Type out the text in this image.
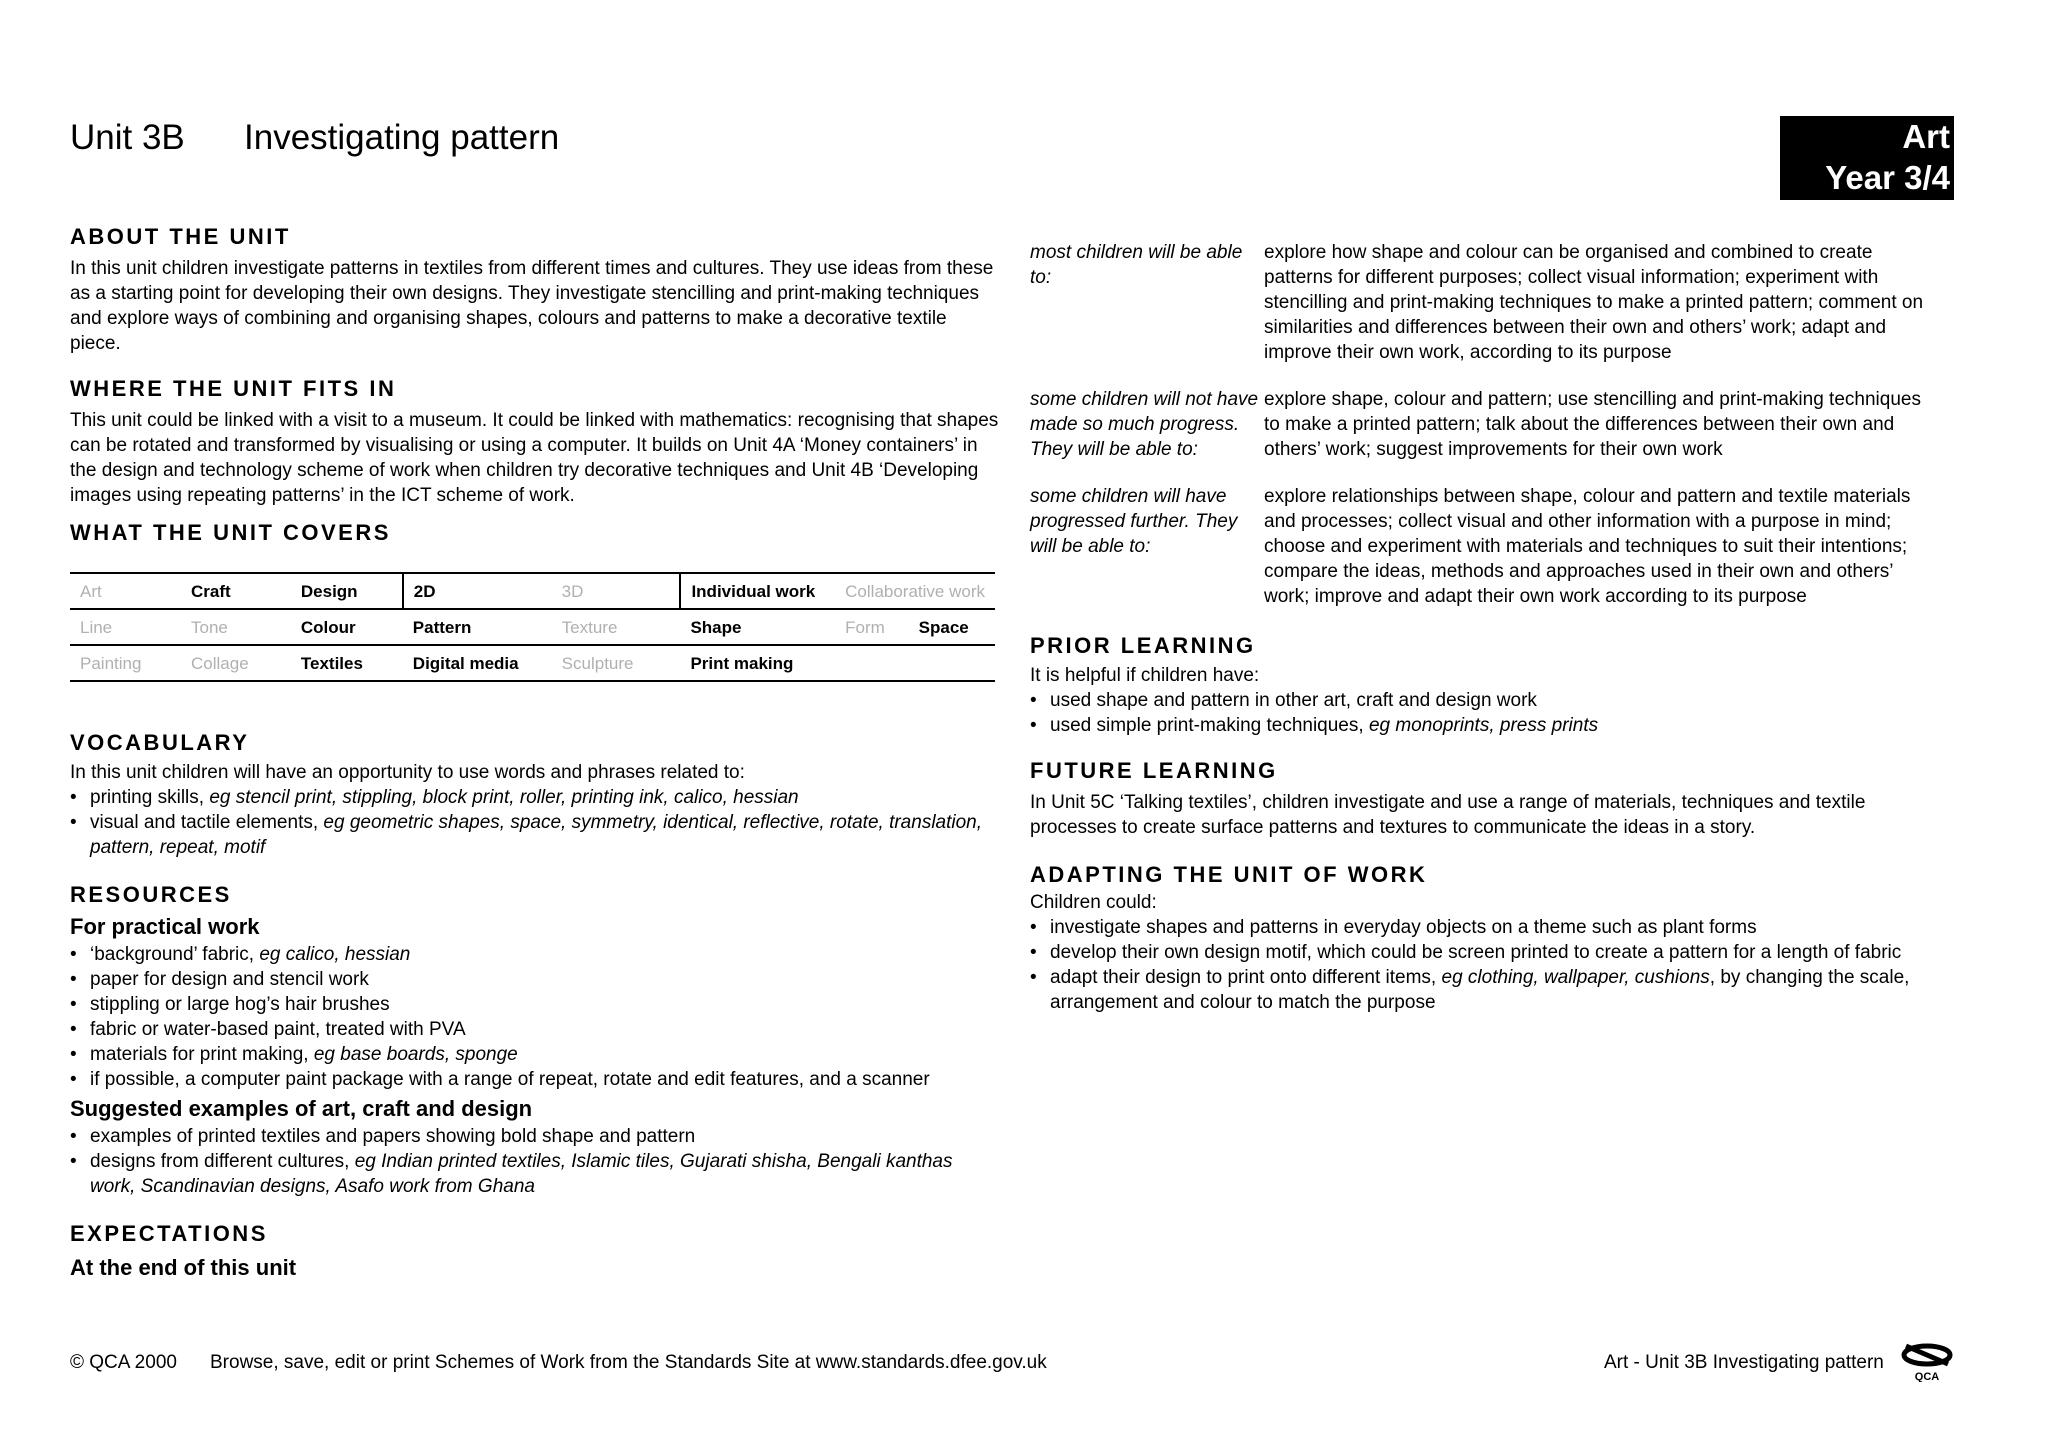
Unit 3B Investigating pattern	Art
Year 3/4
ABOUT THE UNIT

In this unit children investigate patterns in textiles from different times and cultures. They use ideas from these as a starting point for developing their own designs. They investigate stencilling and print-making techniques and explore ways of combining and organising shapes, colours and patterns to make a decorative textile piece.

WHERE THE UNIT FITS IN

This unit could be linked with a visit to a museum. It could be linked with mathematics: recognising that shapes can be rotated and transformed by visualising or using a computer. It builds on Unit 4A ‘Money containers’ in the design and technology scheme of work when children try decorative techniques and Unit 4B ‘Developing images using repeating patterns’ in the ICT scheme of work.

WHAT THE UNIT COVERS
Art	Craft	Design	2D	3D	Individual work	Collaborative work	
Line	Tone	Colour	Pattern	Texture	Shape	Form	Space
Painting	Collage	Textiles	Digital media	Sculpture	Print making		
VOCABULARY

In this unit children will have an opportunity to use words and phrases related to:

• printing skills, eg stencil print, stippling, block print, roller, printing ink, calico, hessian
• visual and tactile elements, eg geometric shapes, space, symmetry, identical, reflective, rotate, translation, pattern, repeat, motif
RESOURCES
For practical work
• ‘background’ fabric, eg calico, hessian
• paper for design and stencil work
• stippling or large hog’s hair brushes
• fabric or water-based paint, treated with PVA
• materials for print making, eg base boards, sponge
• if possible, a computer paint package with a range of repeat, rotate and edit features, and a scanner
Suggested examples of art, craft and design
• examples of printed textiles and papers showing bold shape and pattern
• designs from different cultures, eg Indian printed textiles, Islamic tiles, Gujarati shisha, Bengali kanthas work, Scandinavian designs, Asafo work from Ghana
EXPECTATIONS
At the end of this unit
most children will be able to:
explore how shape and colour can be organised and combined to create patterns for different purposes; collect visual information; experiment with stencilling and print-making techniques to make a printed pattern; comment on similarities and differences between their own and others’ work; adapt and improve their own work, according to its purpose
some children will not have made so much progress. They will be able to:
explore shape, colour and pattern; use stencilling and print-making techniques to make a printed pattern; talk about the differences between their own and others’ work; suggest improvements for their own work
some children will have progressed further. They will be able to:
explore relationships between shape, colour and pattern and textile materials and processes; collect visual and other information with a purpose in mind; choose and experiment with materials and techniques to suit their intentions; compare the ideas, methods and approaches used in their own and others’ work; improve and adapt their own work according to its purpose
PRIOR LEARNING

It is helpful if children have:

• used shape and pattern in other art, craft and design work
• used simple print-making techniques, eg monoprints, press prints
FUTURE LEARNING

In Unit 5C ‘Talking textiles’, children investigate and use a range of materials, techniques and textile processes to create surface patterns and textures to communicate the ideas in a story.

ADAPTING THE UNIT OF WORK

Children could:

• investigate shapes and patterns in everyday objects on a theme such as plant forms
• develop their own design motif, which could be screen printed to create a pattern for a length of fabric
• adapt their design to print onto different items, eg clothing, wallpaper, cushions, by changing the scale, arrangement and colour to match the purpose
© QCA 2000 Browse, save, edit or print Schemes of Work from the Standards Site at www.standards.dfee.gov.uk	Art - Unit 3B Investigating pattern
QCA
